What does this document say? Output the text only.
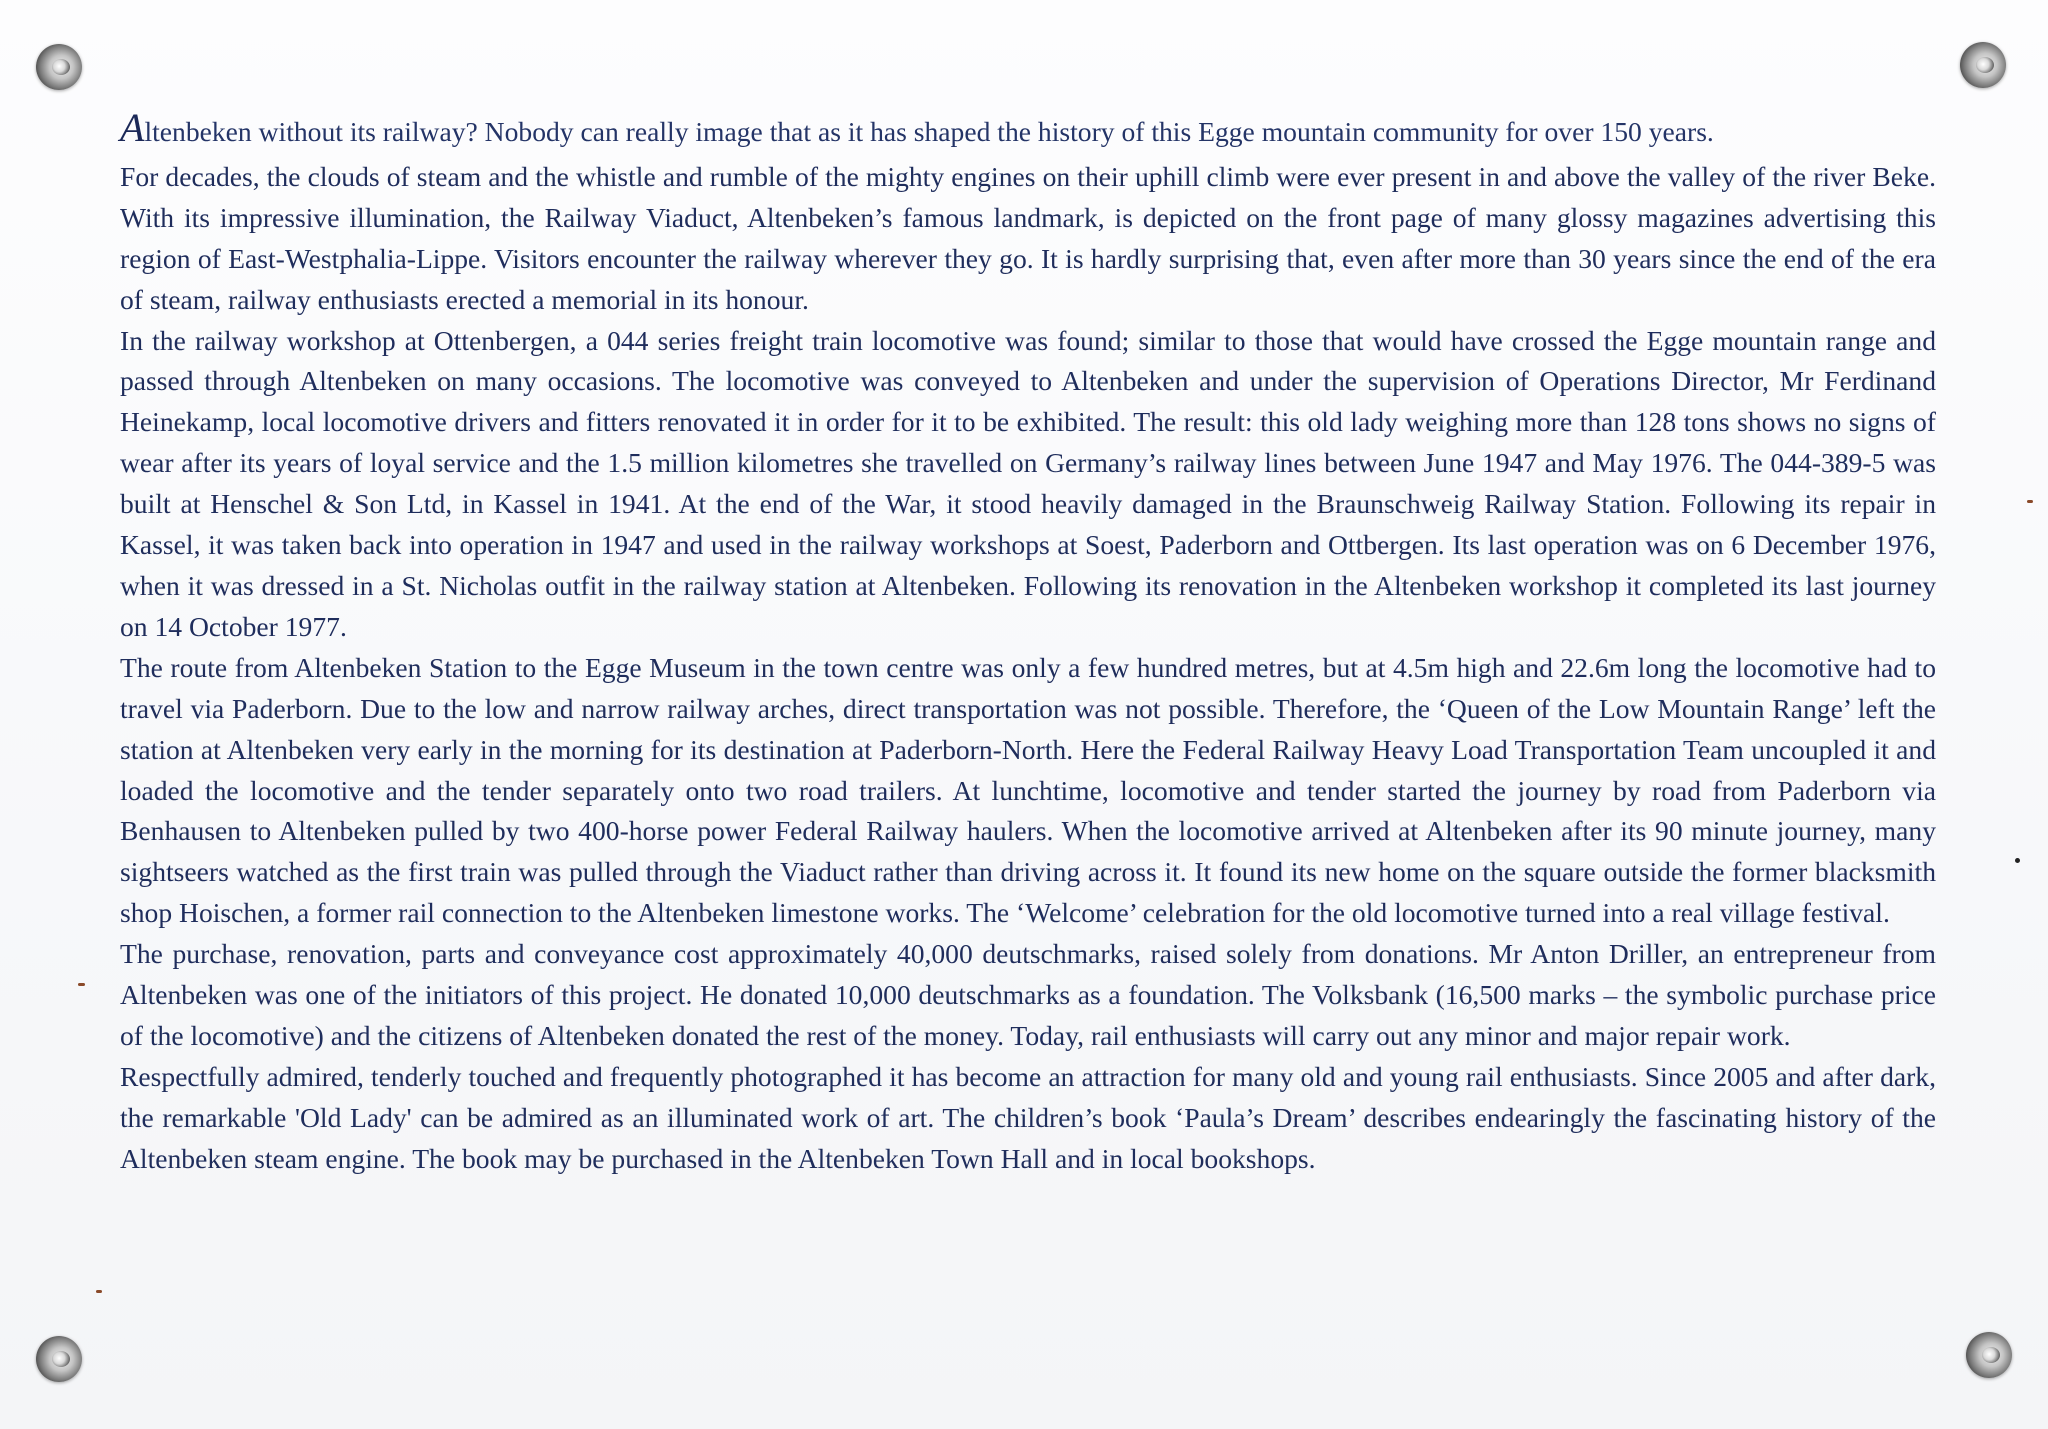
Altenbeken without its railway? Nobody can really image that as it has shaped the history of this Egge mountain community for over 150 years.

For decades, the clouds of steam and the whistle and rumble of the mighty engines on their uphill climb were ever present in and above the valley of the river Beke. With its impressive illumination, the Railway Viaduct, Altenbeken’s famous landmark, is depicted on the front page of many glossy magazines advertising this region of East-Westphalia-Lippe. Visitors encounter the railway wherever they go. It is hardly surprising that, even after more than 30 years since the end of the era of steam, railway enthusiasts erected a memorial in its honour.

In the railway workshop at Ottenbergen, a 044 series freight train locomotive was found; similar to those that would have crossed the Egge mountain range and passed through Altenbeken on many occasions. The locomotive was conveyed to Altenbeken and under the supervision of Operations Director, Mr Ferdinand Heinekamp, local locomotive drivers and fitters renovated it in order for it to be exhibited. The result: this old lady weighing more than 128 tons shows no signs of wear after its years of loyal service and the 1.5 million kilometres she travelled on Germany’s railway lines between June 1947 and May 1976. The 044-389-5 was built at Henschel & Son Ltd, in Kassel in 1941. At the end of the War, it stood heavily damaged in the Braunschweig Railway Station. Following its repair in Kassel, it was taken back into operation in 1947 and used in the railway workshops at Soest, Paderborn and Ottbergen. Its last operation was on 6 December 1976, when it was dressed in a St. Nicholas outfit in the railway station at Altenbeken. Following its renovation in the Altenbeken workshop it completed its last journey on 14 October 1977.

The route from Altenbeken Station to the Egge Museum in the town centre was only a few hundred metres, but at 4.5m high and 22.6m long the locomotive had to travel via Paderborn. Due to the low and narrow railway arches, direct transportation was not possible. Therefore, the ‘Queen of the Low Mountain Range’ left the station at Altenbeken very early in the morning for its destination at Paderborn-North. Here the Federal Railway Heavy Load Transportation Team uncoupled it and loaded the locomotive and the tender separately onto two road trailers. At lunchtime, locomotive and tender started the journey by road from Paderborn via Benhausen to Altenbeken pulled by two 400-horse power Federal Railway haulers. When the locomotive arrived at Altenbeken after its 90 minute journey, many sightseers watched as the first train was pulled through the Viaduct rather than driving across it. It found its new home on the square outside the former blacksmith shop Hoischen, a former rail connection to the Altenbeken limestone works. The ‘Welcome’ celebration for the old locomotive turned into a real village festival.

The purchase, renovation, parts and conveyance cost approximately 40,000 deutschmarks, raised solely from donations. Mr Anton Driller, an entrepreneur from Altenbeken was one of the initiators of this project. He donated 10,000 deutschmarks as a foundation. The Volksbank (16,500 marks – the symbolic purchase price of the locomotive) and the citizens of Altenbeken donated the rest of the money. Today, rail enthusiasts will carry out any minor and major repair work.

Respectfully admired, tenderly touched and frequently photographed it has become an attraction for many old and young rail enthusiasts. Since 2005 and after dark, the remarkable 'Old Lady' can be admired as an illuminated work of art. The children’s book ‘Paula’s Dream’ describes endearingly the fascinating history of the Altenbeken steam engine. The book may be purchased in the Altenbeken Town Hall and in local bookshops.
